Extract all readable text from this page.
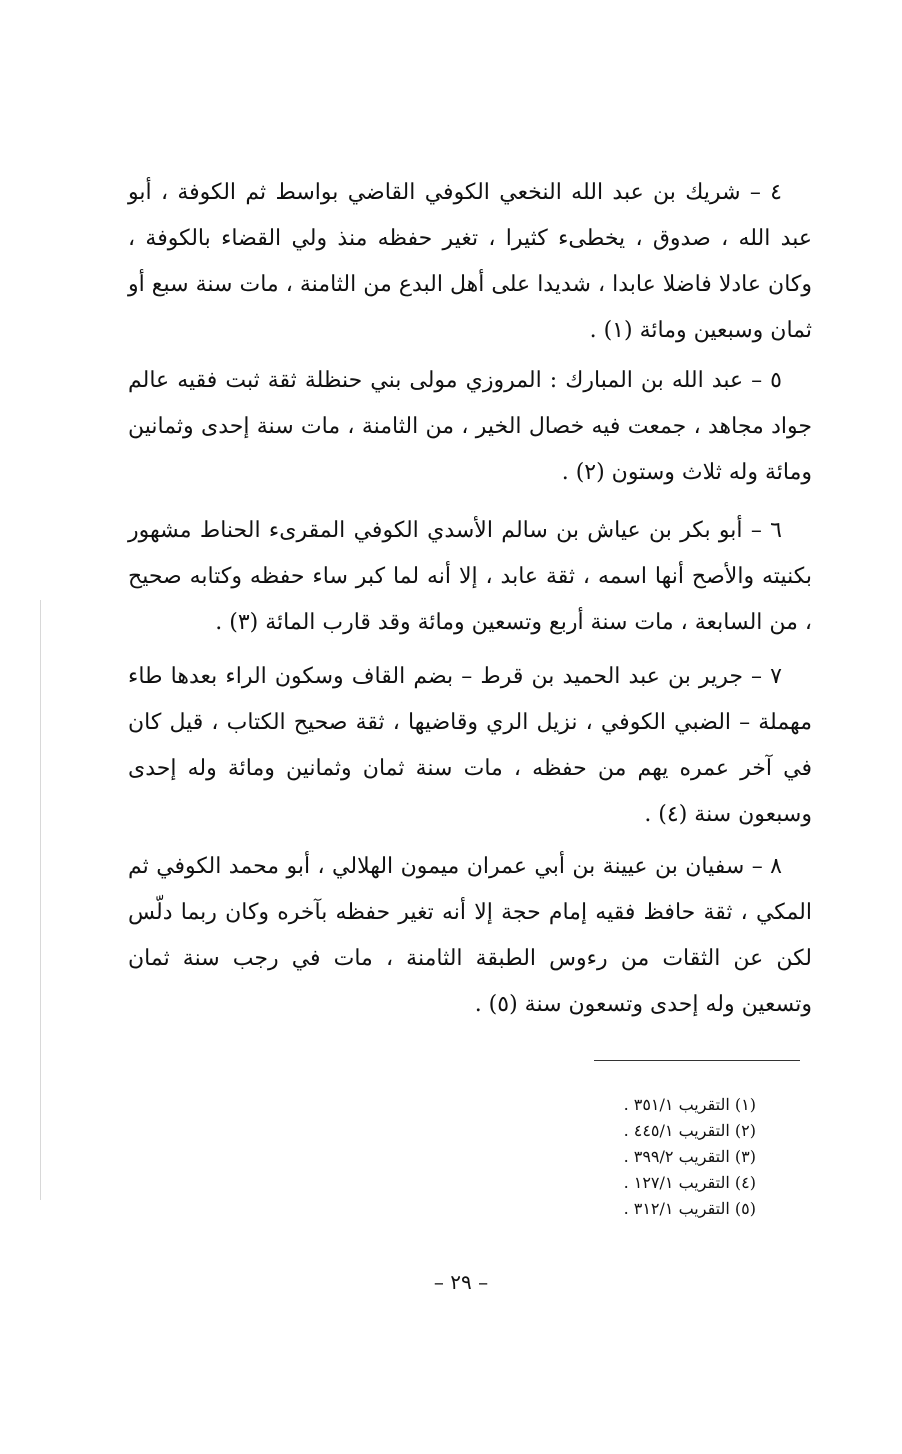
٤ – شريك بن عبد الله النخعي الكوفي القاضي بواسط ثم الكوفة ، أبو عبد الله ، صدوق ، يخطىء كثيرا ، تغير حفظه منذ ولي القضاء بالكوفة ، وكان عادلا فاضلا عابدا ، شديدا على أهل البدع من الثامنة ، مات سنة سبع أو ثمان وسبعين ومائة (١) .

٥ – عبد الله بن المبارك : المروزي مولى بني حنظلة ثقة ثبت فقيه عالم جواد مجاهد ، جمعت فيه خصال الخير ، من الثامنة ، مات سنة إحدى وثمانين ومائة وله ثلاث وستون (٢) .

٦ – أبو بكر بن عياش بن سالم الأسدي الكوفي المقرىء الحناط مشهور بكنيته والأصح أنها اسمه ، ثقة عابد ، إلا أنه لما كبر ساء حفظه وكتابه صحيح ، من السابعة ، مات سنة أربع وتسعين ومائة وقد قارب المائة (٣) .

٧ – جرير بن عبد الحميد بن قرط – بضم القاف وسكون الراء بعدها طاء مهملة – الضبي الكوفي ، نزيل الري وقاضيها ، ثقة صحيح الكتاب ، قيل كان في آخر عمره يهم من حفظه ، مات سنة ثمان وثمانين ومائة وله إحدى وسبعون سنة (٤) .

٨ – سفيان بن عيينة بن أبي عمران ميمون الهلالي ، أبو محمد الكوفي ثم المكي ، ثقة حافظ فقيه إمام حجة إلا أنه تغير حفظه بآخره وكان ربما دلّس لكن عن الثقات من رءوس الطبقة الثامنة ، مات في رجب سنة ثمان وتسعين وله إحدى وتسعون سنة (٥) .

(١) التقريب ٣٥١/١ .
(٢) التقريب ٤٤٥/١ .
(٣) التقريب ٣٩٩/٢ .
(٤) التقريب ١٢٧/١ .
(٥) التقريب ٣١٢/١ .
– ٢٩ –
